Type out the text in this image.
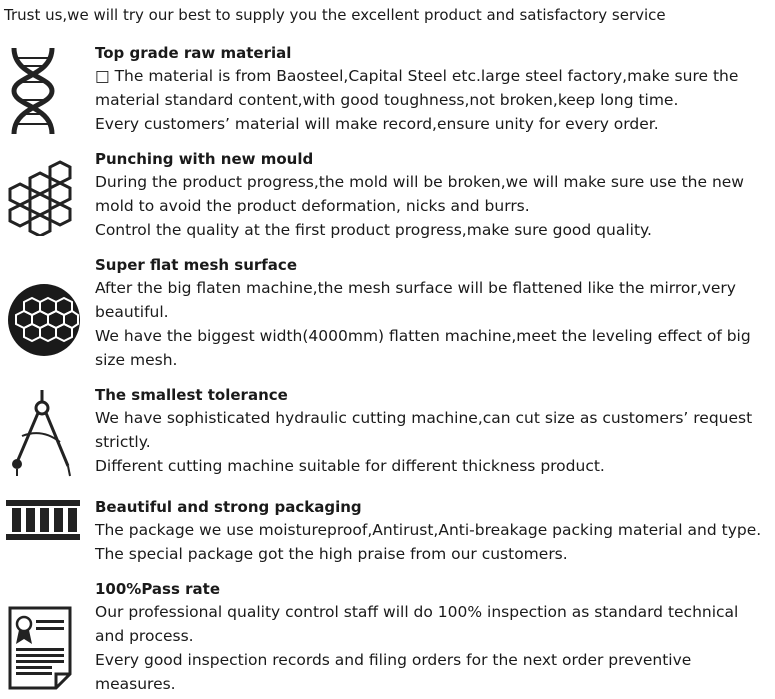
Trust us,we will try our best to supply you the excellent product and satisfactory service
Top grade raw material
□ The material is from Baosteel,Capital Steel etc.large steel factory,make sure the
material standard content,with good toughness,not broken,keep long time.
Every customers’ material will make record,ensure unity for every order.
Punching with new mould
During the product progress,the mold will be broken,we will make sure use the new
mold to avoid the product deformation, nicks and burrs.
Control the quality at the first product progress,make sure good quality.
Super flat mesh surface
After the big flaten machine,the mesh surface will be flattened like the mirror,very
beautiful.
We have the biggest width(4000mm) flatten machine,meet the leveling effect of big
size mesh.
The smallest tolerance
We have sophisticated hydraulic cutting machine,can cut size as customers’ request
strictly.
Different cutting machine suitable for different thickness product.
Beautiful and strong packaging
The package we use moistureproof,Antirust,Anti-breakage packing material and type.
The special package got the high praise from our customers.
100%Pass rate
Our professional quality control staff will do 100% inspection as standard technical
and process.
Every good inspection records and filing orders for the next order preventive
measures.
